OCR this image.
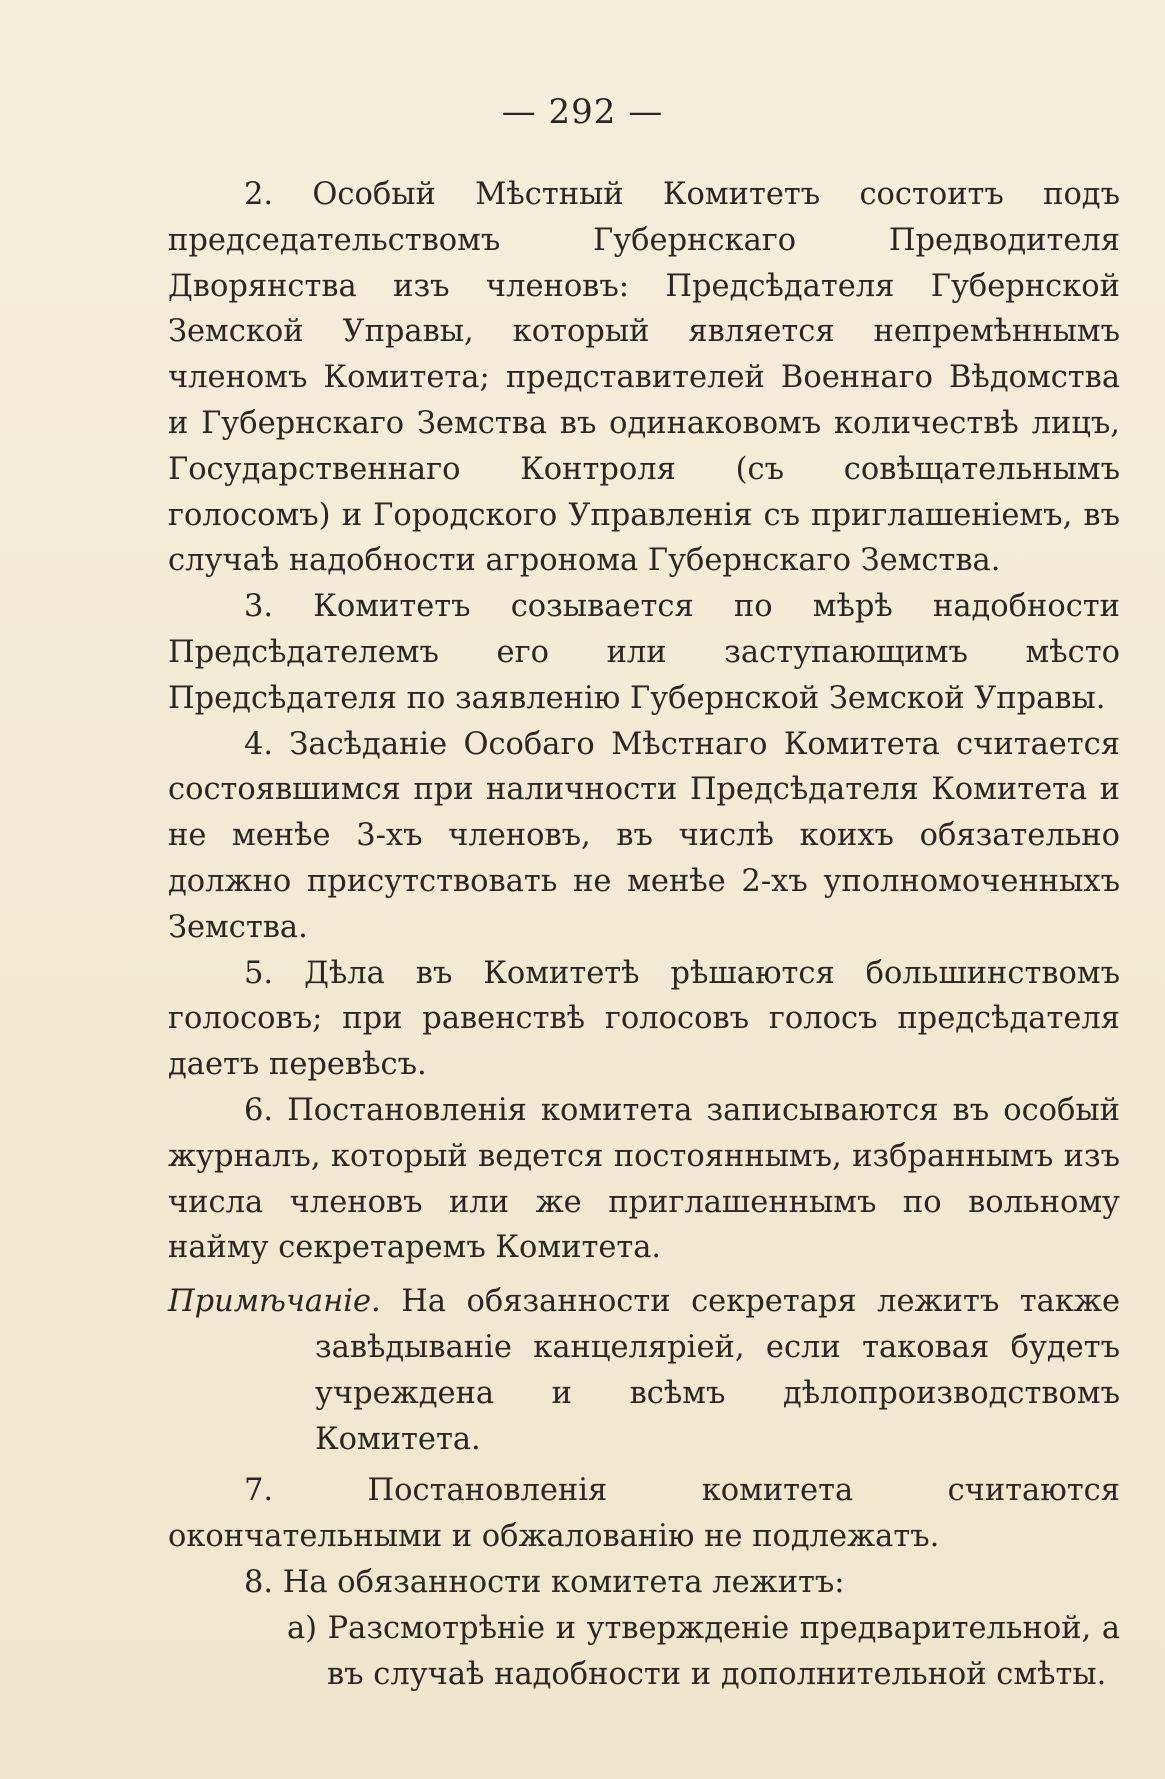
— 292 —

2. Особый Мѣстный Комитетъ состоитъ подъ председательствомъ Губернскаго Предводителя Дворянства изъ членовъ: Предсѣдателя Губернской Земской Управы, который является непремѣннымъ членомъ Комитета; представителей Военнаго Вѣдомства и Губернскаго Земства въ одинаковомъ количествѣ лицъ, Государственнаго Контроля (съ совѣщательнымъ голосомъ) и Городского Управленія съ приглашеніемъ, въ случаѣ надобности агронома Губернскаго Земства.

3. Комитетъ созывается по мѣрѣ надобности Предсѣдателемъ его или заступающимъ мѣсто Предсѣдателя по заявленію Губернской Земской Управы.

4. Засѣданіе Особаго Мѣстнаго Комитета считается состоявшимся при наличности Предсѣдателя Комитета и не менѣе 3-хъ членовъ, въ числѣ коихъ обязательно должно присутствовать не менѣе 2-хъ уполномоченныхъ Земства.

5. Дѣла въ Комитетѣ рѣшаются большинствомъ голосовъ; при равенствѣ голосовъ голосъ предсѣдателя даетъ перевѣсъ.

6. Постановленія комитета записываются въ особый журналъ, который ведется постояннымъ, избраннымъ изъ числа членовъ или же приглашеннымъ по вольному найму секретаремъ Комитета.

Примѣчаніе. На обязанности секретаря лежитъ также завѣдываніе канцеляріей, если таковая будетъ учреждена и всѣмъ дѣлопроизводствомъ Комитета.

7. Постановленія комитета считаются окончательными и обжалованію не подлежатъ.

8. На обязанности комитета лежитъ:

а) Разсмотрѣніе и утвержденіе предварительной, а въ случаѣ надобности и дополнительной смѣты.
